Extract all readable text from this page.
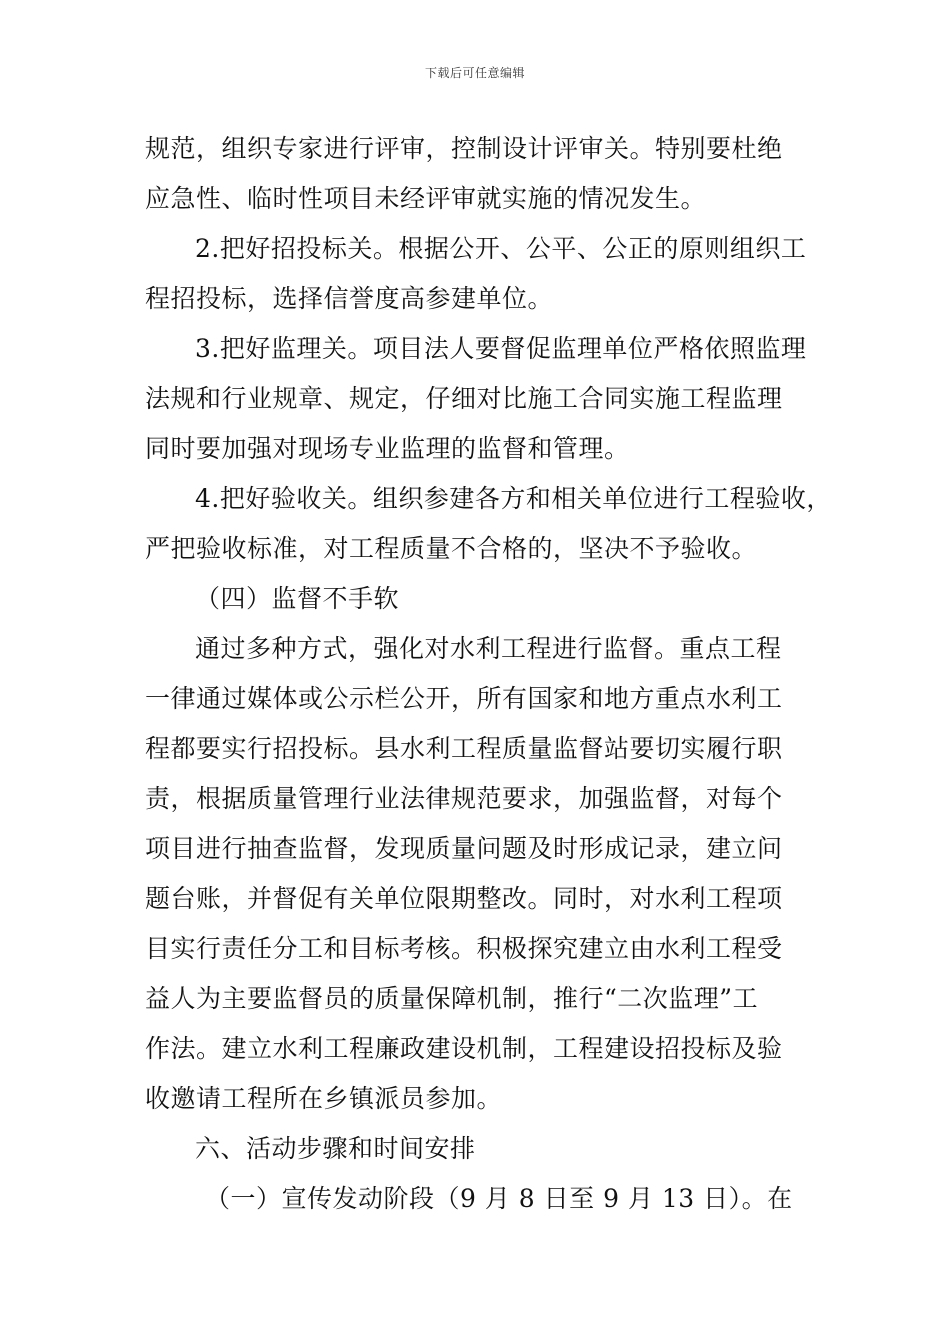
下载后可任意编辑
规范，组织专家进行评审，控制设计评审关。特别要杜绝
应急性、临时性项目未经评审就实施的情况发生。
2.把好招投标关。根据公开、公平、公正的原则组织工
程招投标，选择信誉度高参建单位。
3.把好监理关。项目法人要督促监理单位严格依照监理
法规和行业规章、规定，仔细对比施工合同实施工程监理
同时要加强对现场专业监理的监督和管理。
4.把好验收关。组织参建各方和相关单位进行工程验收，
严把验收标准，对工程质量不合格的，坚决不予验收。
（四）监督不手软
通过多种方式，强化对水利工程进行监督。重点工程
一律通过媒体或公示栏公开，所有国家和地方重点水利工
程都要实行招投标。县水利工程质量监督站要切实履行职
责，根据质量管理行业法律规范要求，加强监督，对每个
项目进行抽查监督，发现质量问题及时形成记录，建立问
题台账，并督促有关单位限期整改。同时，对水利工程项
目实行责任分工和目标考核。积极探究建立由水利工程受
益人为主要监督员的质量保障机制，推行“二次监理”工
作法。建立水利工程廉政建设机制，工程建设招投标及验
收邀请工程所在乡镇派员参加。
六、活动步骤和时间安排
（一）宣传发动阶段（9 月 8 日至 9 月 13 日）。在
